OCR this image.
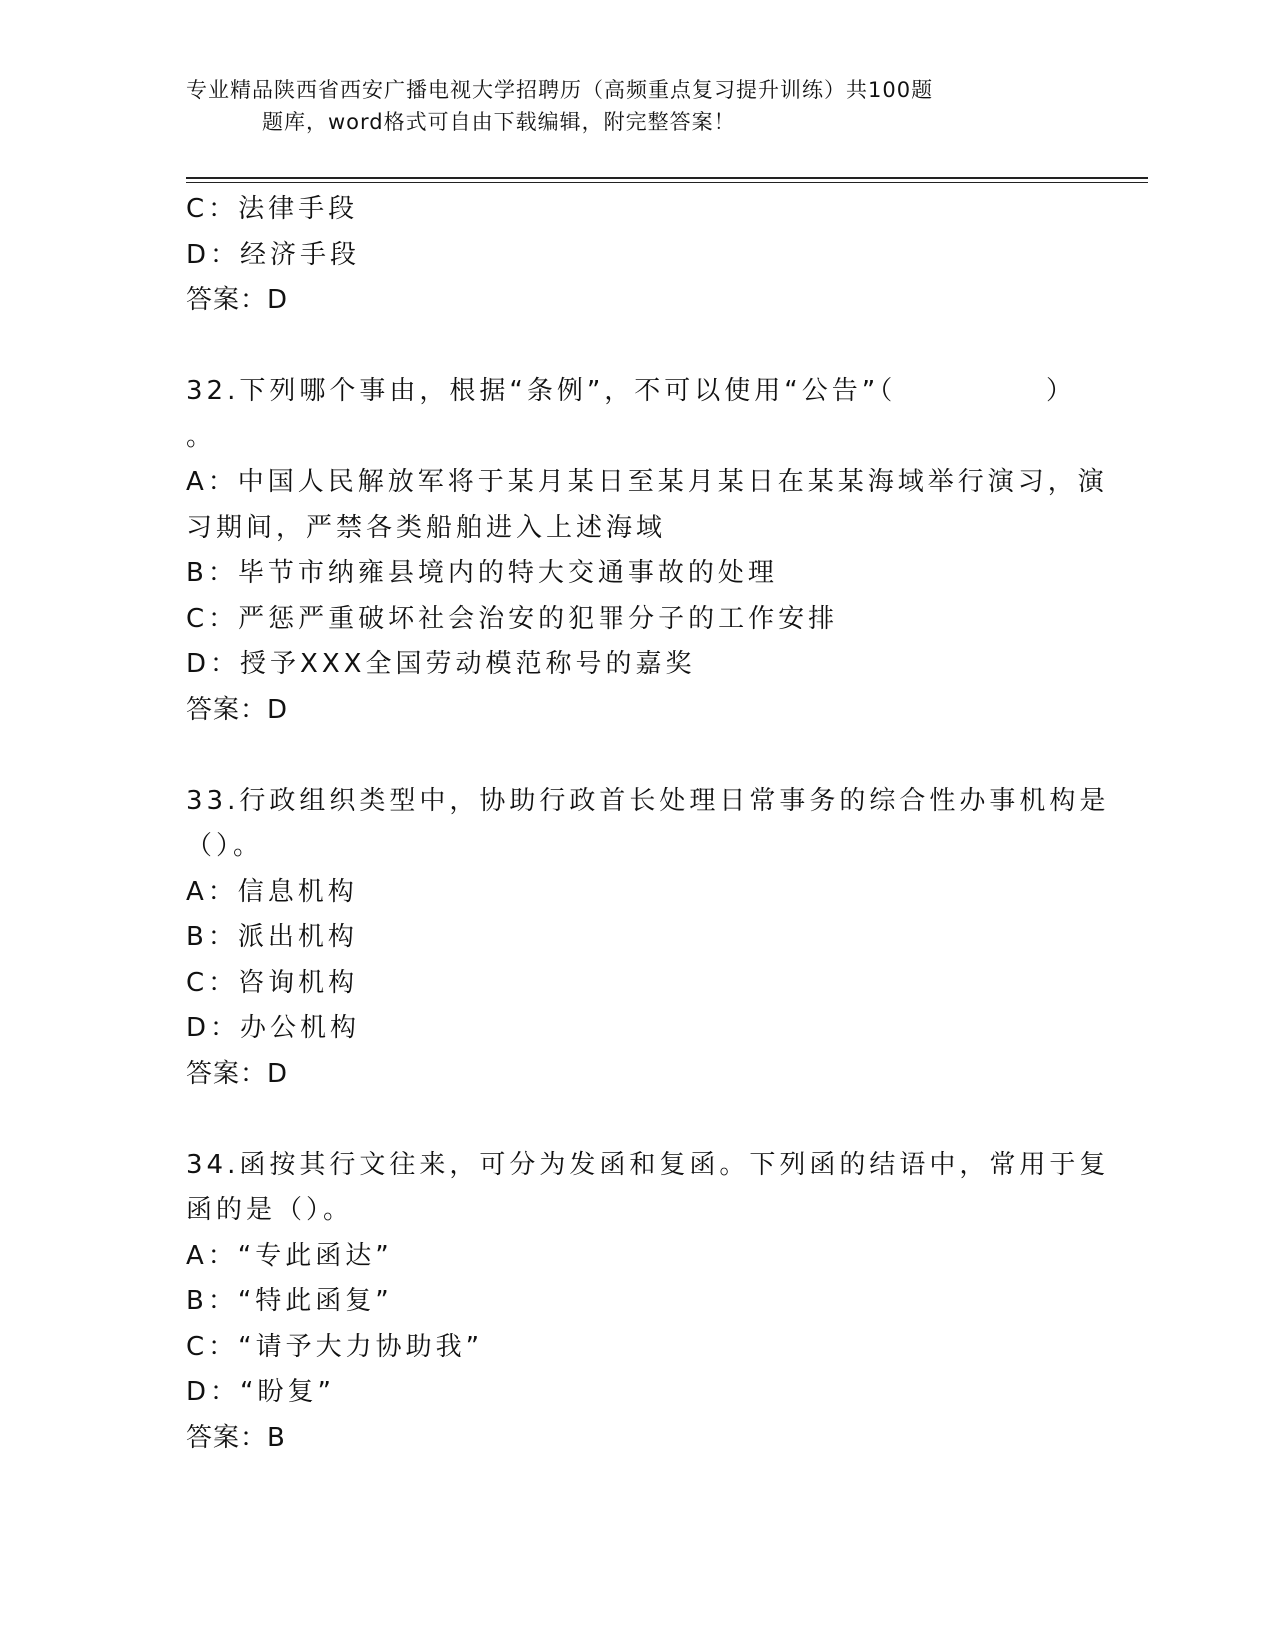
专业精品陕西省西安广播电视大学招聘历（高频重点复习提升训练）共100题

题库，word格式可自由下载编辑，附完整答案！
C：法律手段
D：经济手段
答案：D
32.下列哪个事由，根据“条例”，不可以使用“公告”（	）
。
A：中国人民解放军将于某月某日至某月某日在某某海域举行演习，演
习期间，严禁各类船舶进入上述海域
B：毕节市纳雍县境内的特大交通事故的处理
C：严惩严重破坏社会治安的犯罪分子的工作安排
D：授予XXX全国劳动模范称号的嘉奖
答案：D
33.行政组织类型中，协助行政首长处理日常事务的综合性办事机构是
（）。
A：信息机构
B：派出机构
C：咨询机构
D：办公机构
答案：D
34.函按其行文往来，可分为发函和复函。下列函的结语中，常用于复
函的是（）。
A：“专此函达”
B：“特此函复”
C：“请予大力协助我”
D：“盼复”
答案：B
